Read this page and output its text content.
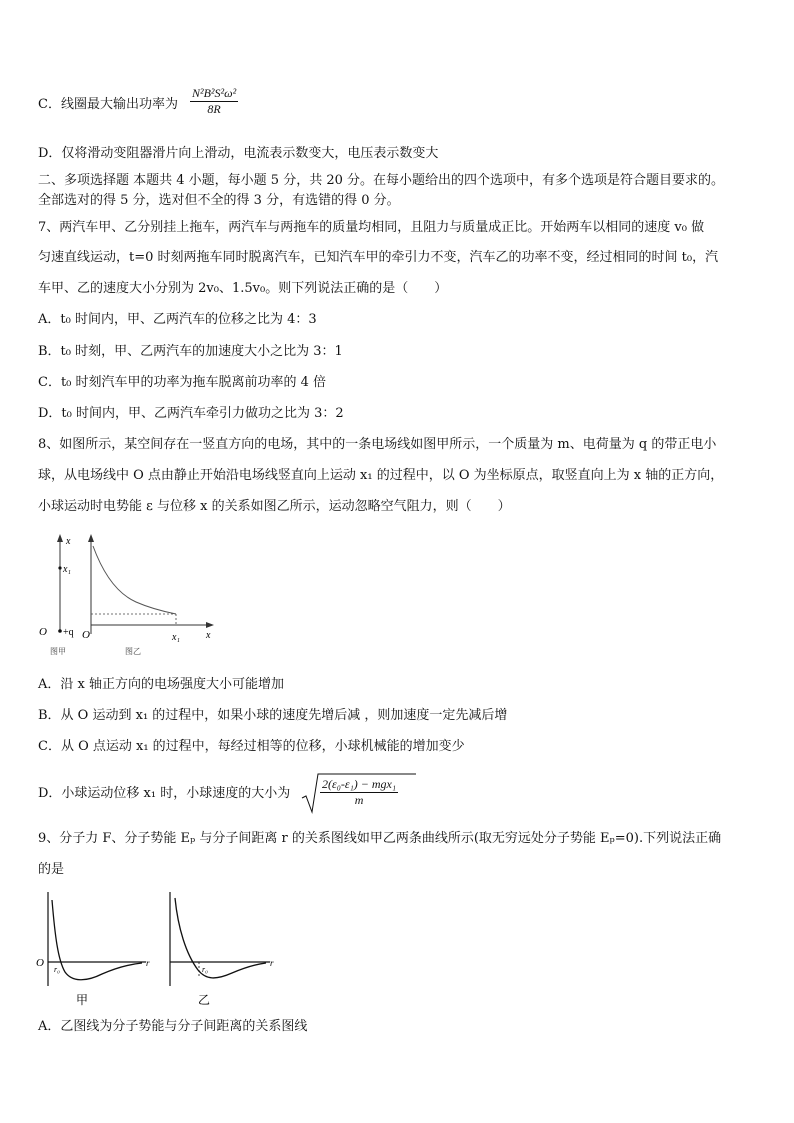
C．线圈最大输出功率为 $\frac{\text{N²B²S²ω²}}{8R}$
D．仅将滑动变阻器滑片向上滑动，电流表示数变大，电压表示数变大
二、多项选择题 本题共 4 小题，每小题 5 分，共 20 分。在每小题给出的四个选项中，有多个选项是符合题目要求的。
全部选对的得 5 分，选对但不全的得 3 分，有选错的得 0 分。
7、两汽车甲、乙分别挂上拖车，两汽车与两拖车的质量均相同，且阻力与质量成正比。开始两车以相同的速度 v₀ 做
匀速直线运动，t=0 时刻两拖车同时脱离汽车，已知汽车甲的牵引力不变，汽车乙的功率不变，经过相同的时间 t₀，汽
车甲、乙的速度大小分别为 2v₀、1.5v₀。则下列说法正确的是（　　）
A．t₀ 时间内，甲、乙两汽车的位移之比为 4：3
B．t₀ 时刻，甲、乙两汽车的加速度大小之比为 3：1
C．t₀ 时刻汽车甲的功率为拖车脱离前功率的 4 倍
D．t₀ 时间内，甲、乙两汽车牵引力做功之比为 3：2
8、如图所示，某空间存在一竖直方向的电场，其中的一条电场线如图甲所示，一个质量为 m、电荷量为 q 的带正电小
球，从电场线中 O 点由静止开始沿电场线竖直向上运动 x₁ 的过程中，以 O 为坐标原点，取竖直向上为 x 轴的正方向，
小球运动时电势能 ε 与位移 x 的关系如图乙所示，运动忽略空气阻力，则（　　）
x
x₁
O +q
图甲
O	x₁	x
图乙
A．沿 x 轴正方向的电场强度大小可能增加
B．从 O 运动到 x₁ 的过程中，如果小球的速度先增后减 ，则加速度一定先减后增
C．从 O 点运动 x₁ 的过程中，每经过相等的位移，小球机械能的增加变少
D．小球运动位移 x₁ 时，小球速度的大小为 $\frac{\text{2(ε₀-ε₁) − mgx₁}}{m}$
9、分子力 F、分子势能 Eₚ 与分子间距离 r 的关系图线如甲乙两条曲线所示(取无穷远处分子势能 Eₚ=0).下列说法正确
的是
O
r₀
r
甲
r₀
r
乙
A．乙图线为分子势能与分子间距离的关系图线
